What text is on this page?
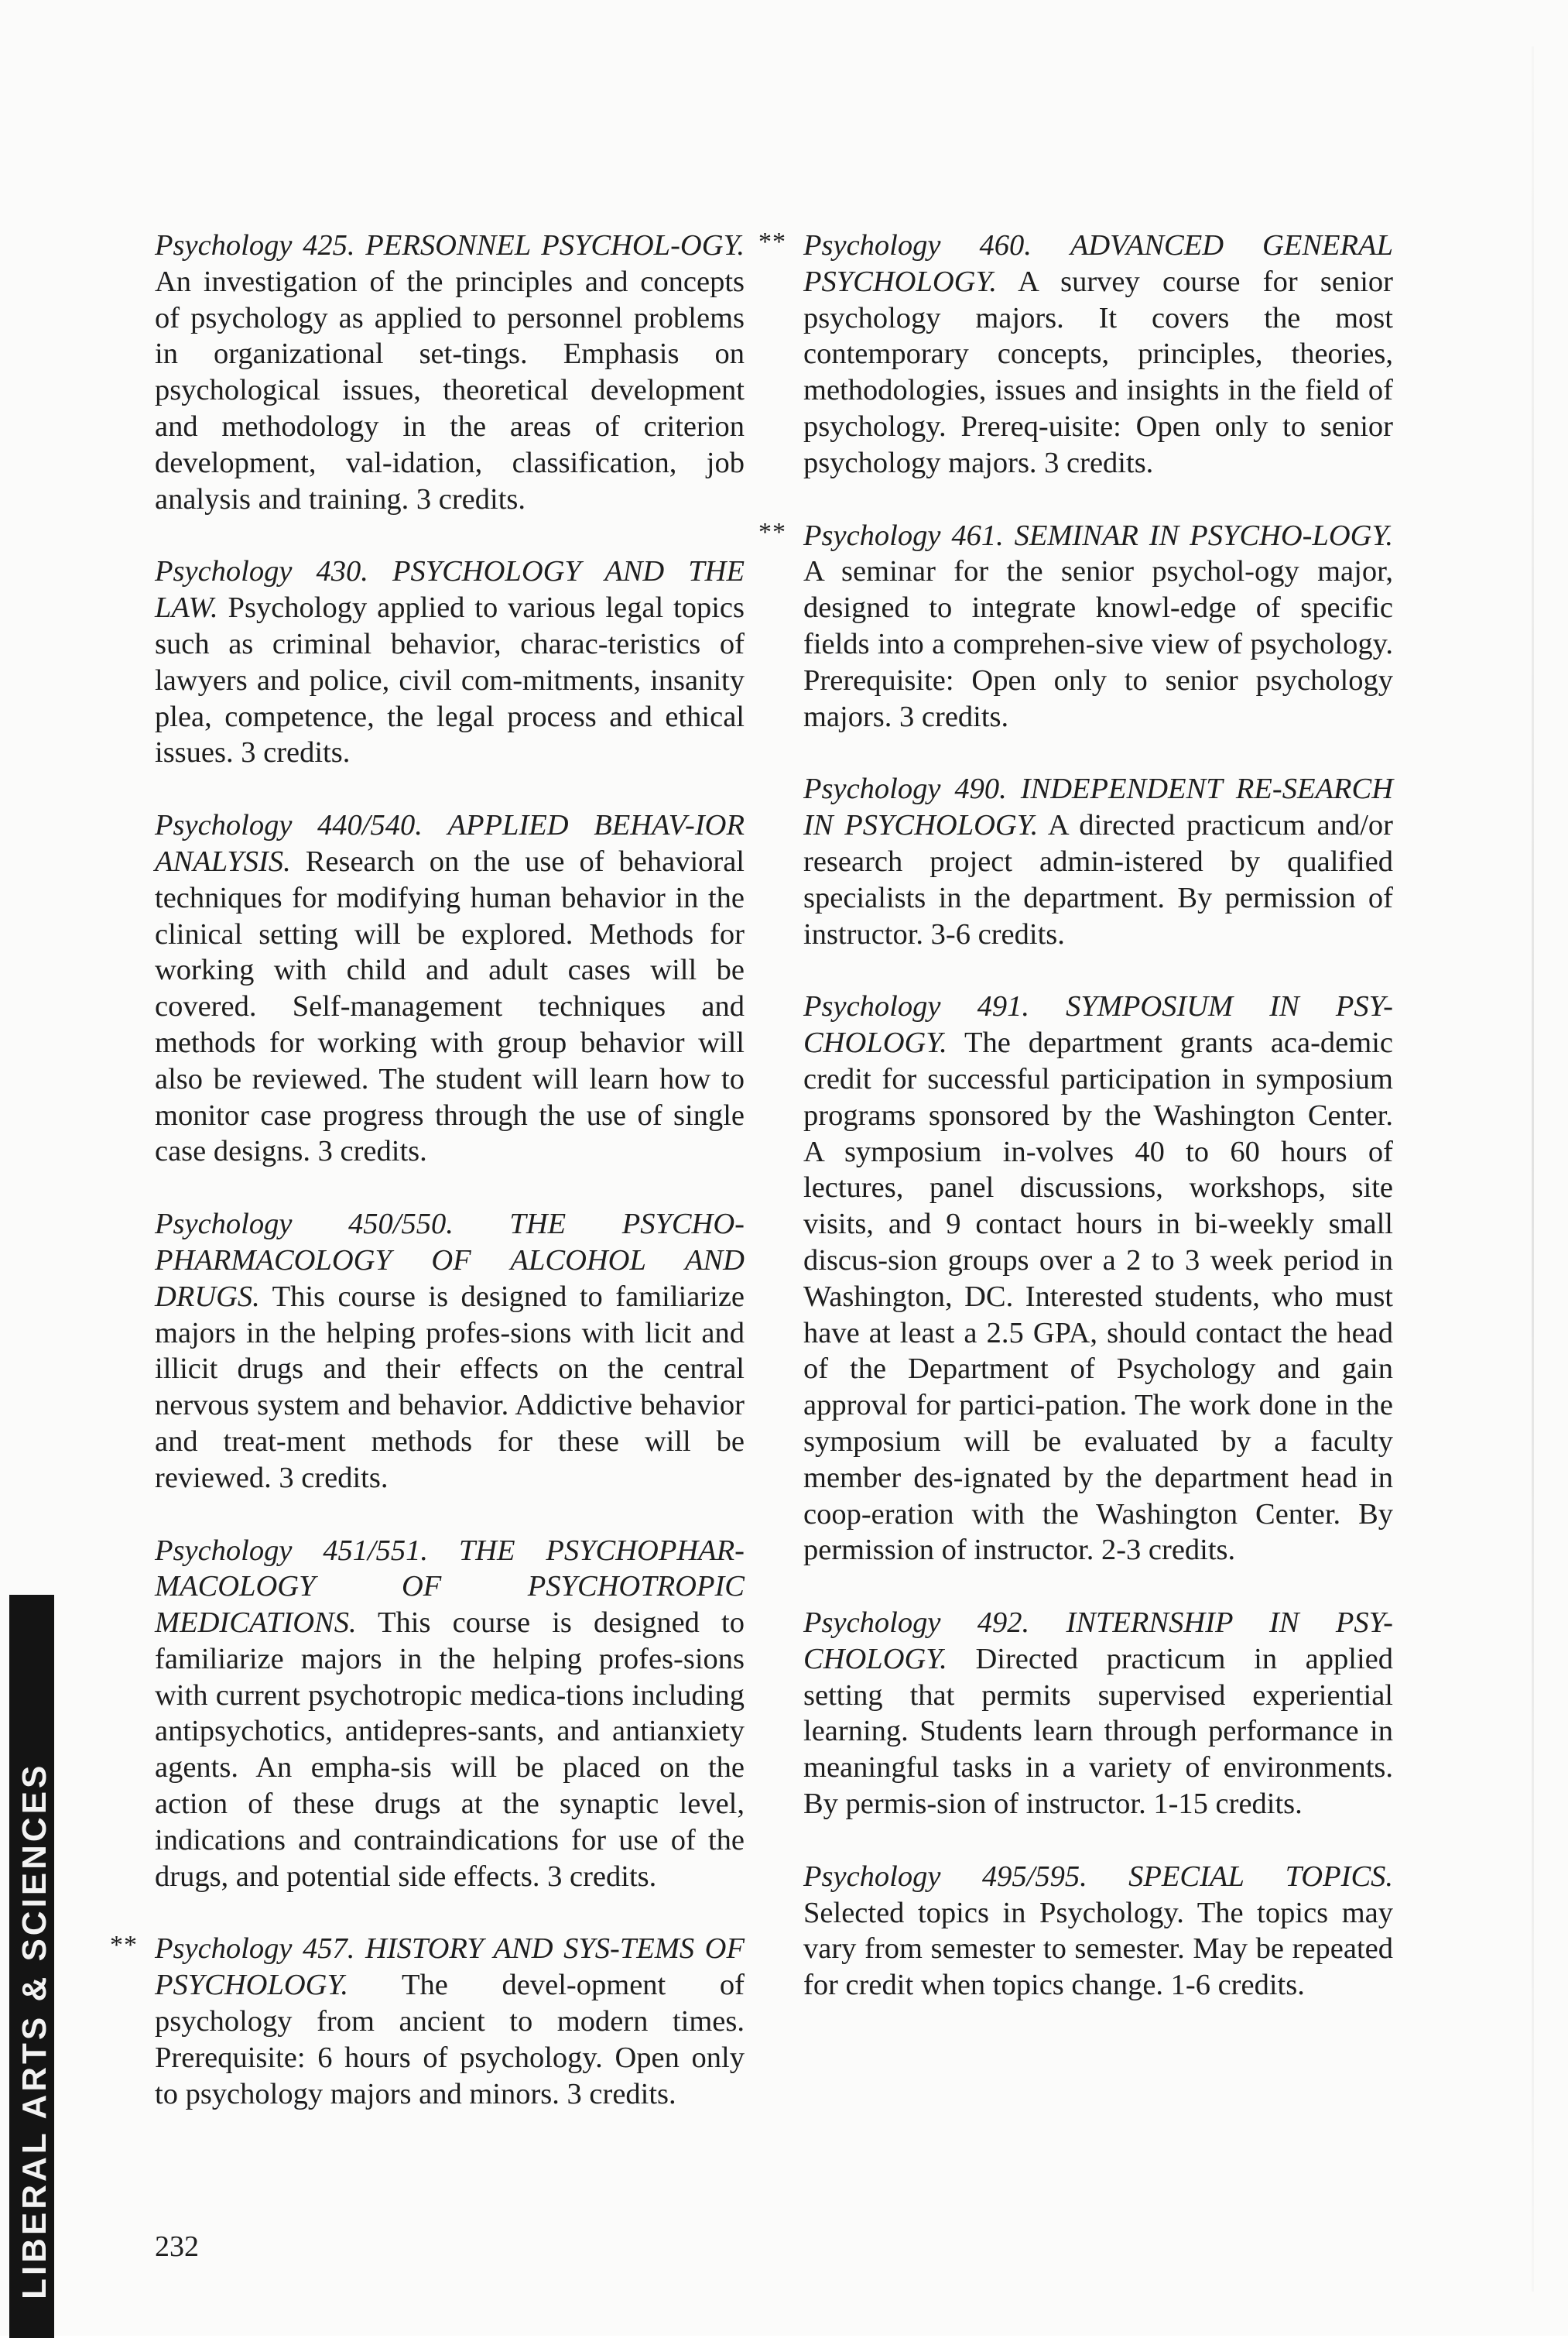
Psychology 425. PERSONNEL PSYCHOL-OGY. An investigation of the principles and concepts of psychology as applied to personnel problems in organizational set-tings. Emphasis on psychological issues, theoretical development and methodology in the areas of criterion development, val-idation, classification, job analysis and training. 3 credits.

Psychology 430. PSYCHOLOGY AND THE LAW. Psychology applied to various legal topics such as criminal behavior, charac-teristics of lawyers and police, civil com-mitments, insanity plea, competence, the legal process and ethical issues. 3 credits.

Psychology 440/540. APPLIED BEHAV-IOR ANALYSIS. Research on the use of behavioral techniques for modifying human behavior in the clinical setting will be explored. Methods for working with child and adult cases will be covered. Self-management techniques and methods for working with group behavior will also be reviewed. The student will learn how to monitor case progress through the use of single case designs. 3 credits.

Psychology 450/550. THE PSYCHO-PHARMACOLOGY OF ALCOHOL AND DRUGS. This course is designed to familiarize majors in the helping profes-sions with licit and illicit drugs and their effects on the central nervous system and behavior. Addictive behavior and treat-ment methods for these will be reviewed. 3 credits.

Psychology 451/551. THE PSYCHOPHAR-MACOLOGY OF PSYCHOTROPIC MEDICATIONS. This course is designed to familiarize majors in the helping profes-sions with current psychotropic medica-tions including antipsychotics, antidepres-sants, and antianxiety agents. An empha-sis will be placed on the action of these drugs at the synaptic level, indications and contraindications for use of the drugs, and potential side effects. 3 credits.

** Psychology 457. HISTORY AND SYS-TEMS OF PSYCHOLOGY. The devel-opment of psychology from ancient to modern times. Prerequisite: 6 hours of psychology. Open only to psychology majors and minors. 3 credits.

** Psychology 460. ADVANCED GENERAL PSYCHOLOGY. A survey course for senior psychology majors. It covers the most contemporary concepts, principles, theories, methodologies, issues and insights in the field of psychology. Prereq-uisite: Open only to senior psychology majors. 3 credits.

** Psychology 461. SEMINAR IN PSYCHO-LOGY. A seminar for the senior psychol-ogy major, designed to integrate knowl-edge of specific fields into a comprehen-sive view of psychology. Prerequisite: Open only to senior psychology majors. 3 credits.

Psychology 490. INDEPENDENT RE-SEARCH IN PSYCHOLOGY. A directed practicum and/or research project admin-istered by qualified specialists in the department. By permission of instructor. 3-6 credits.

Psychology 491. SYMPOSIUM IN PSY-CHOLOGY. The department grants aca-demic credit for successful participation in symposium programs sponsored by the Washington Center. A symposium in-volves 40 to 60 hours of lectures, panel discussions, workshops, site visits, and 9 contact hours in bi-weekly small discus-sion groups over a 2 to 3 week period in Washington, DC. Interested students, who must have at least a 2.5 GPA, should contact the head of the Department of Psychology and gain approval for partici-pation. The work done in the symposium will be evaluated by a faculty member des-ignated by the department head in coop-eration with the Washington Center. By permission of instructor. 2-3 credits.

Psychology 492. INTERNSHIP IN PSY-CHOLOGY. Directed practicum in applied setting that permits supervised experiential learning. Students learn through performance in meaningful tasks in a variety of environments. By permis-sion of instructor. 1-15 credits.

Psychology 495/595. SPECIAL TOPICS. Selected topics in Psychology. The topics may vary from semester to semester. May be repeated for credit when topics change. 1-6 credits.

232
LIBERAL ARTS & SCIENCES
